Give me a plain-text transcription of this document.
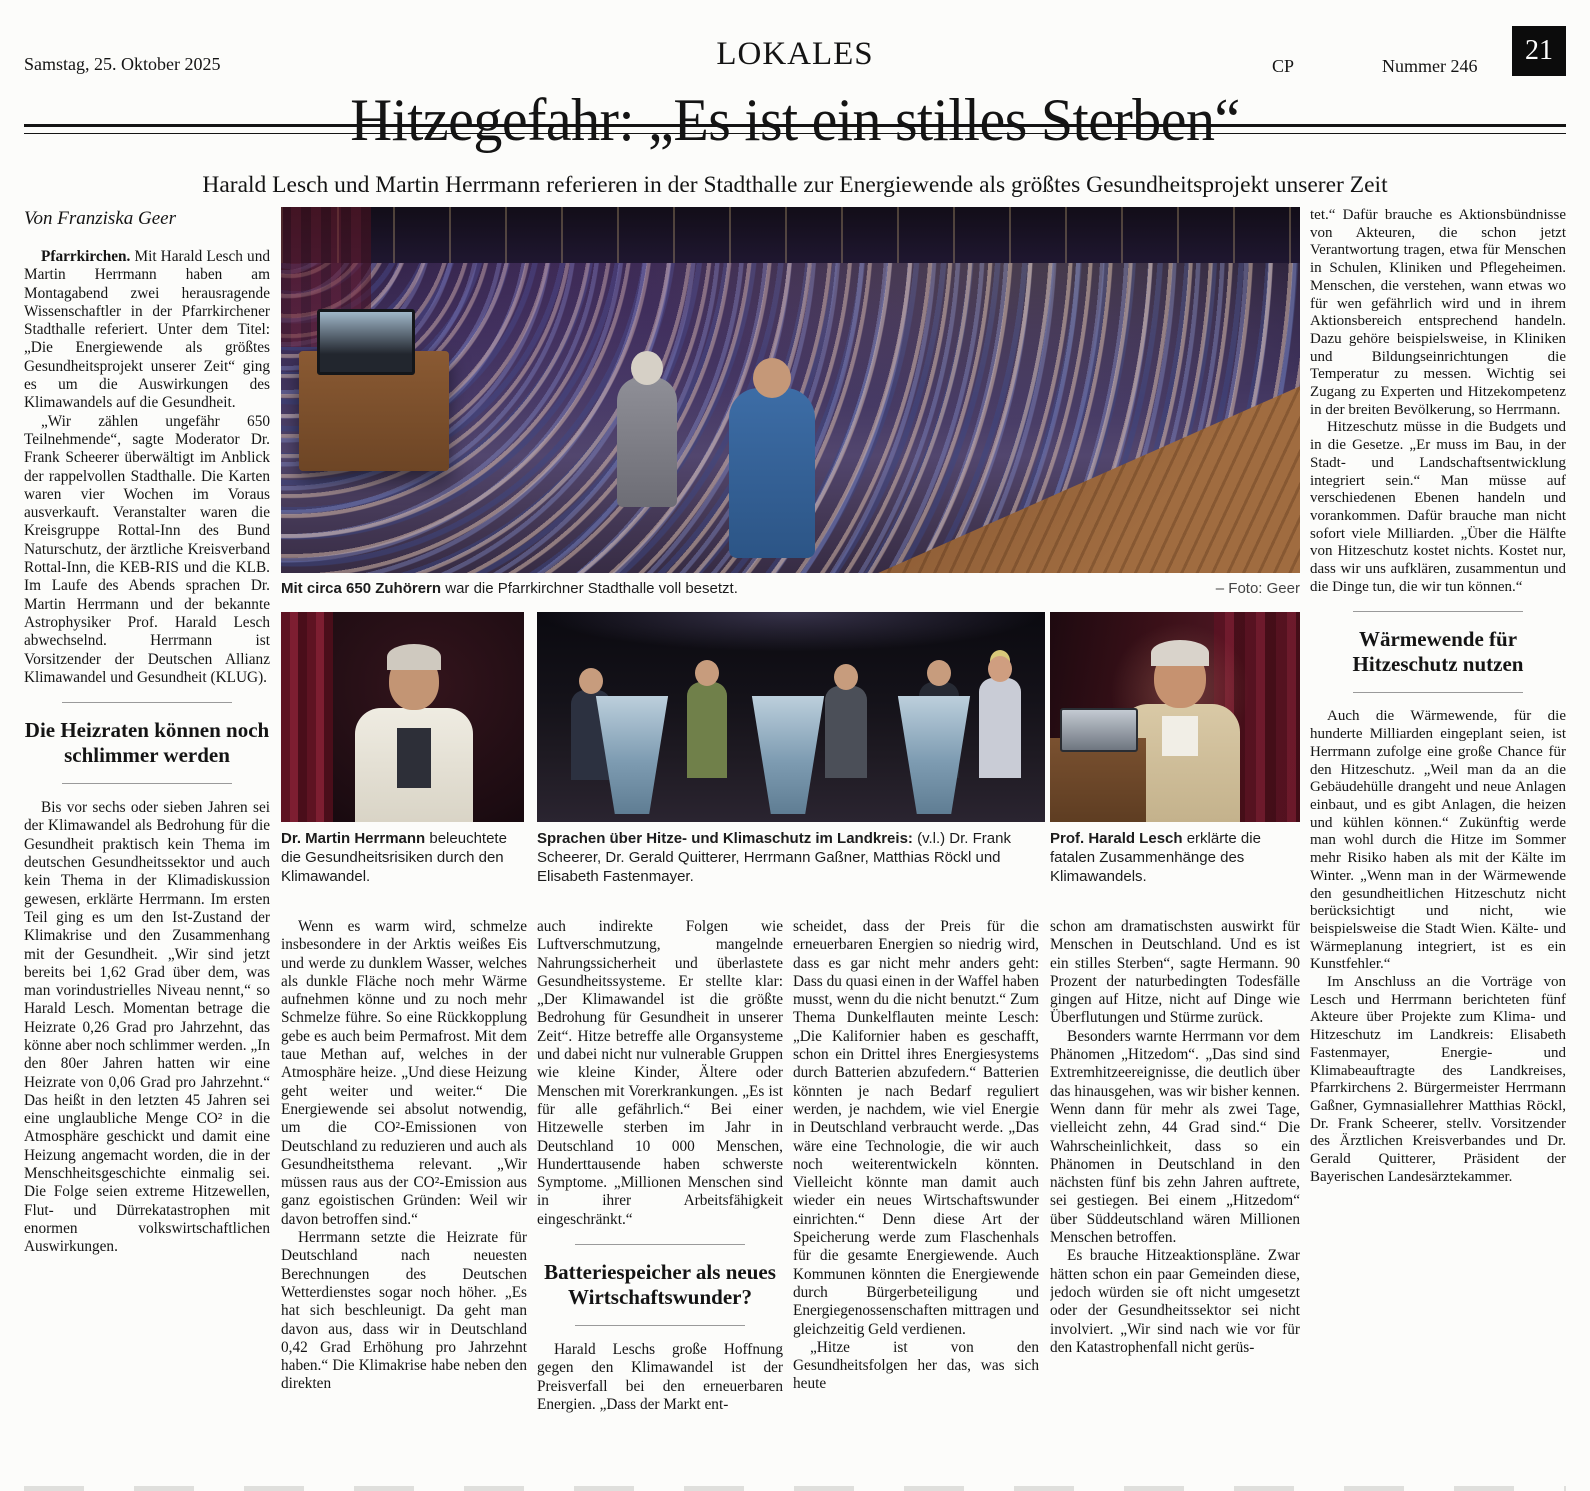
Samstag, 25. Oktober 2025	LOKALES	CP	Nummer 246 21
Hitzegefahr: „Es ist ein stilles Sterben“
Harald Lesch und Martin Herrmann referieren in der Stadthalle zur Energiewende als größtes Gesundheitsprojekt unserer Zeit
Von Franziska Geer
Mit circa 650 Zuhörern war die Pfarrkirchner Stadthalle voll besetzt.	– Foto: Geer
Dr. Martin Herrmann beleuchtete die Gesundheitsrisiken durch den Klimawandel.
Sprachen über Hitze- und Klimaschutz im Landkreis: (v.l.) Dr. Frank Scheerer, Dr. Gerald Quitterer, Herrmann Gaßner, Matthias Röckl und Elisabeth Fastenmayer.
Prof. Harald Lesch erklärte die fatalen Zusammenhänge des Klimawandels.

Pfarrkirchen. Mit Harald Lesch und Martin Herrmann haben am Montagabend zwei herausragende Wissenschaftler in der Pfarrkirchener Stadthalle referiert. Unter dem Titel: „Die Energiewende als größtes Gesundheitsprojekt unserer Zeit“ ging es um die Auswirkungen des Klimawandels auf die Gesundheit.

„Wir zählen ungefähr 650 Teilnehmende“, sagte Moderator Dr. Frank Scheerer überwältigt im Anblick der rappelvollen Stadthalle. Die Karten waren vier Wochen im Voraus ausverkauft. Veranstalter waren die Kreisgruppe Rottal-Inn des Bund Naturschutz, der ärztliche Kreisverband Rottal-Inn, die KEB-RIS und die KLB. Im Laufe des Abends sprachen Dr. Martin Herrmann und der bekannte Astrophysiker Prof. Harald Lesch abwechselnd. Herrmann ist Vorsitzender der Deutschen Allianz Klimawandel und Gesundheit (KLUG).

Die Heizraten können noch schlimmer werden

Bis vor sechs oder sieben Jahren sei der Klimawandel als Bedrohung für die Gesundheit praktisch kein Thema im deutschen Gesundheitssektor und auch kein Thema in der Klimadiskussion gewesen, erklärte Herrmann. Im ersten Teil ging es um den Ist-Zustand der Klimakrise und den Zusammenhang mit der Gesundheit. „Wir sind jetzt bereits bei 1,62 Grad über dem, was man vorindustrielles Niveau nennt,“ so Harald Lesch. Momentan betrage die Heizrate 0,26 Grad pro Jahrzehnt, das könne aber noch schlimmer werden. „In den 80er Jahren hatten wir eine Heizrate von 0,06 Grad pro Jahrzehnt.“ Das heißt in den letzten 45 Jahren sei eine unglaubliche Menge CO² in die Atmosphäre geschickt und damit eine Heizung angemacht worden, die in der Menschheitsgeschichte einmalig sei. Die Folge seien extreme Hitzewellen, Flut- und Dürrekatastrophen mit enormen volkswirtschaftlichen Auswirkungen.

Wenn es warm wird, schmelze insbesondere in der Arktis weißes Eis und werde zu dunklem Wasser, welches als dunkle Fläche noch mehr Wärme aufnehmen könne und zu noch mehr Schmelze führe. So eine Rückkopplung gebe es auch beim Permafrost. Mit dem taue Methan auf, welches in der Atmosphäre heize. „Und diese Heizung geht weiter und weiter.“ Die Energiewende sei absolut notwendig, um die CO²-Emissionen von Deutschland zu reduzieren und auch als Gesundheitsthema relevant. „Wir müssen raus aus der CO²-Emission aus ganz egoistischen Gründen: Weil wir davon betroffen sind.“

Herrmann setzte die Heizrate für Deutschland nach neuesten Berechnungen des Deutschen Wetterdienstes sogar noch höher. „Es hat sich beschleunigt. Da geht man davon aus, dass wir in Deutschland 0,42 Grad Erhöhung pro Jahrzehnt haben.“ Die Klimakrise habe neben den direkten

auch indirekte Folgen wie Luftverschmutzung, mangelnde Nahrungssicherheit und überlastete Gesundheitssysteme. Er stellte klar: „Der Klimawandel ist die größte Bedrohung für Gesundheit in unserer Zeit“. Hitze betreffe alle Organsysteme und dabei nicht nur vulnerable Gruppen wie kleine Kinder, Ältere oder Menschen mit Vorerkrankungen. „Es ist für alle gefährlich.“ Bei einer Hitzewelle sterben im Jahr in Deutschland 10 000 Menschen, Hunderttausende haben schwerste Symptome. „Millionen Menschen sind in ihrer Arbeitsfähigkeit eingeschränkt.“

Batteriespeicher als neues Wirtschaftswunder?

Harald Leschs große Hoffnung gegen den Klimawandel ist der Preisverfall bei den erneuerbaren Energien. „Dass der Markt ent-

scheidet, dass der Preis für die erneuerbaren Energien so niedrig wird, dass es gar nicht mehr anders geht: Dass du quasi einen in der Waffel haben musst, wenn du die nicht benutzt.“ Zum Thema Dunkelflauten meinte Lesch: „Die Kalifornier haben es geschafft, schon ein Drittel ihres Energiesystems durch Batterien abzufedern.“ Batterien könnten je nach Bedarf reguliert werden, je nachdem, wie viel Energie in Deutschland verbraucht werde. „Das wäre eine Technologie, die wir auch noch weiterentwickeln könnten. Vielleicht könnte man damit auch wieder ein neues Wirtschaftswunder einrichten.“ Denn diese Art der Speicherung werde zum Flaschenhals für die gesamte Energiewende. Auch Kommunen könnten die Energiewende durch Bürgerbeteiligung und Energiegenossenschaften mittragen und gleichzeitig Geld verdienen.

„Hitze ist von den Gesundheitsfolgen her das, was sich heute

schon am dramatischsten auswirkt für Menschen in Deutschland. Und es ist ein stilles Sterben“, sagte Hermann. 90 Prozent der naturbedingten Todesfälle gingen auf Hitze, nicht auf Dinge wie Überflutungen und Stürme zurück.

Besonders warnte Herrmann vor dem Phänomen „Hitzedom“. „Das sind sind Extremhitzeereignisse, die deutlich über das hinausgehen, was wir bisher kennen. Wenn dann für mehr als zwei Tage, vielleicht zehn, 44 Grad sind.“ Die Wahrscheinlichkeit, dass so ein Phänomen in Deutschland in den nächsten fünf bis zehn Jahren auftrete, sei gestiegen. Bei einem „Hitzedom“ über Süddeutschland wären Millionen Menschen betroffen.

Es brauche Hitzeaktionspläne. Zwar hätten schon ein paar Gemeinden diese, jedoch würden sie oft nicht umgesetzt oder der Gesundheitssektor sei nicht involviert. „Wir sind nach wie vor für den Katastrophenfall nicht gerüs-

tet.“ Dafür brauche es Aktionsbündnisse von Akteuren, die schon jetzt Verantwortung tragen, etwa für Menschen in Schulen, Kliniken und Pflegeheimen. Menschen, die verstehen, wann etwas wo für wen gefährlich wird und in ihrem Aktionsbereich entsprechend handeln. Dazu gehöre beispielsweise, in Kliniken und Bildungseinrichtungen die Temperatur zu messen. Wichtig sei Zugang zu Experten und Hitzekompetenz in der breiten Bevölkerung, so Herrmann.

Hitzeschutz müsse in die Budgets und in die Gesetze. „Er muss im Bau, in der Stadt- und Landschaftsentwicklung integriert sein.“ Man müsse auf verschiedenen Ebenen handeln und vorankommen. Dafür brauche man nicht sofort viele Milliarden. „Über die Hälfte von Hitzeschutz kostet nichts. Kostet nur, dass wir uns aufklären, zusammentun und die Dinge tun, die wir tun können.“

Wärmewende für Hitzeschutz nutzen

Auch die Wärmewende, für die hunderte Milliarden eingeplant seien, ist Herrmann zufolge eine große Chance für den Hitzeschutz. „Weil man da an die Gebäudehülle drangeht und neue Anlagen einbaut, und es gibt Anlagen, die heizen und kühlen können.“ Zukünftig werde man wohl durch die Hitze im Sommer mehr Risiko haben als mit der Kälte im Winter. „Wenn man in der Wärmewende den gesundheitlichen Hitzeschutz nicht berücksichtigt und nicht, wie beispielsweise die Stadt Wien. Kälte- und Wärmeplanung integriert, ist es ein Kunstfehler.“

Im Anschluss an die Vorträge von Lesch und Herrmann berichteten fünf Akteure über Projekte zum Klima- und Hitzeschutz im Landkreis: Elisabeth Fastenmayer, Energie- und Klimabeauftragte des Landkreises, Pfarrkirchens 2. Bürgermeister Herrmann Gaßner, Gymnasiallehrer Matthias Röckl, Dr. Frank Scheerer, stellv. Vorsitzender des Ärztlichen Kreisverbandes und Dr. Gerald Quitterer, Präsident der Bayerischen Landesärztekammer.
